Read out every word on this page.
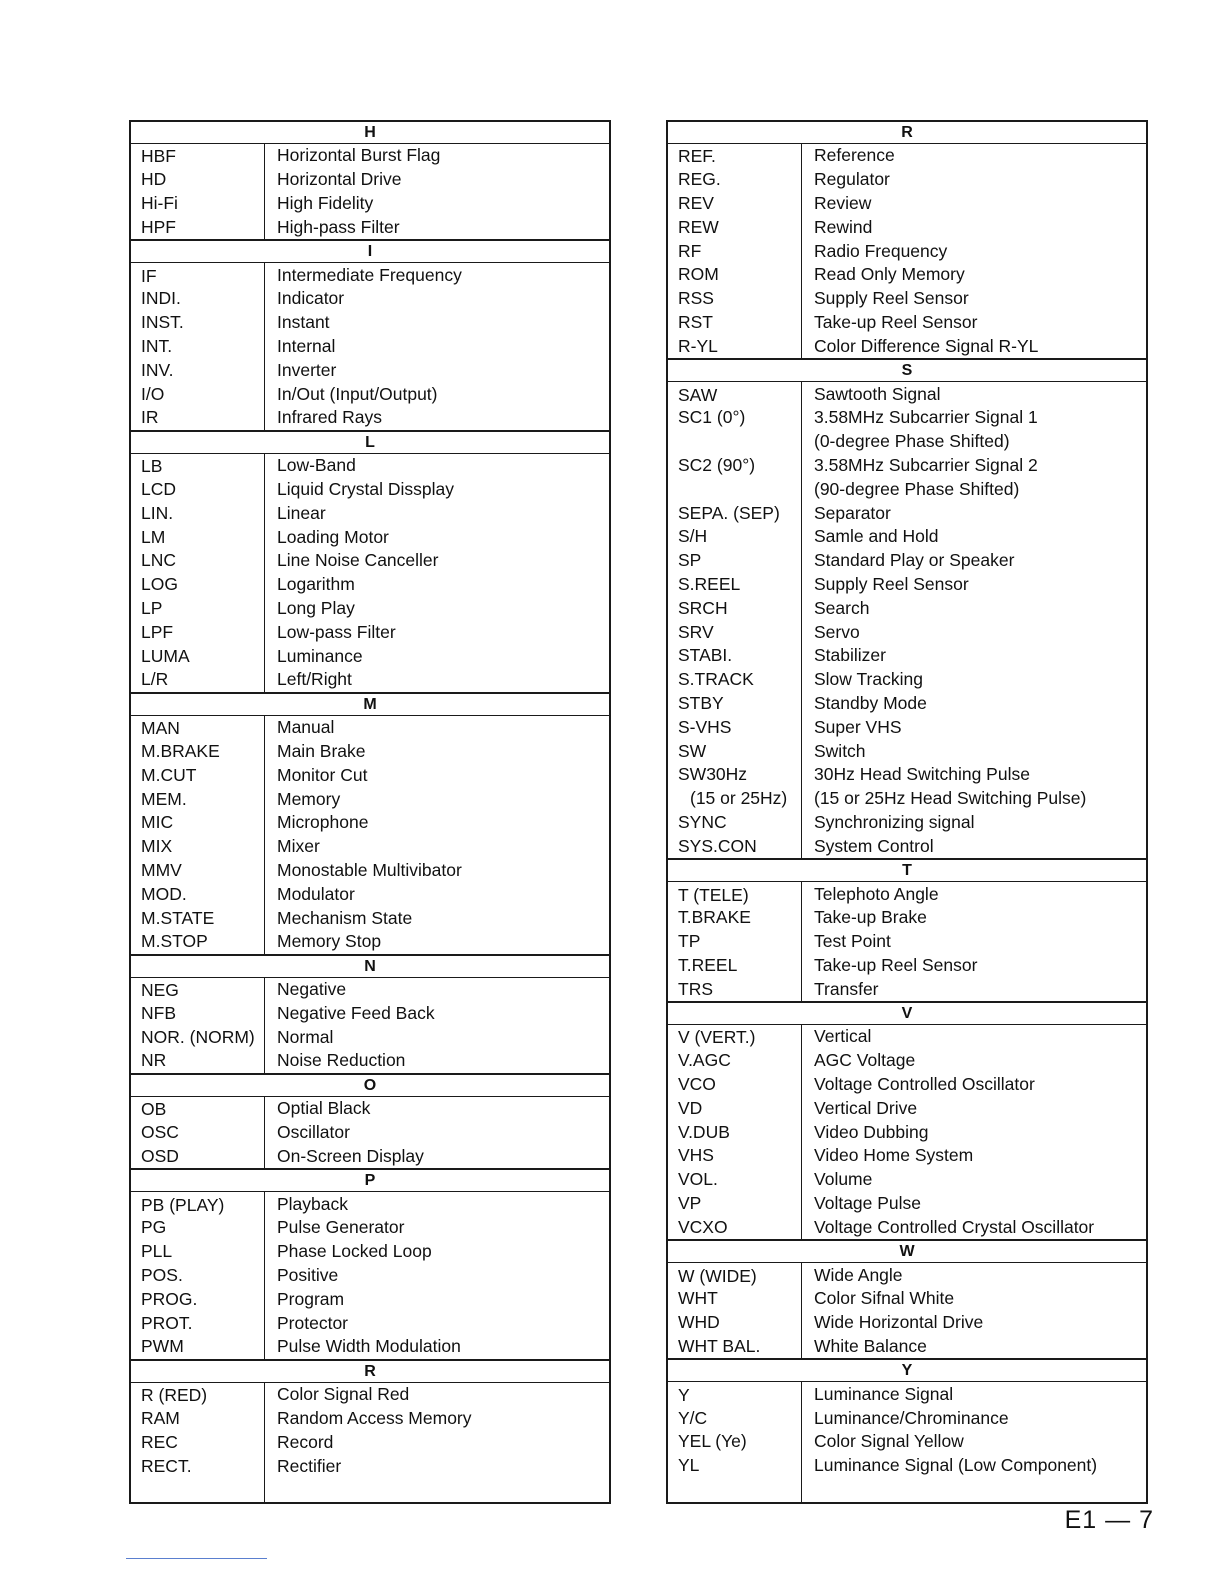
H
HBF	Horizontal Burst Flag
HD	Horizontal Drive
Hi-Fi	High Fidelity
HPF	High-pass Filter
I
IF	Intermediate Frequency
INDI.	Indicator
INST.	Instant
INT.	Internal
INV.	Inverter
I/O	In/Out (Input/Output)
IR	Infrared Rays
L
LB	Low-Band
LCD	Liquid Crystal Dissplay
LIN.	Linear
LM	Loading Motor
LNC	Line Noise Canceller
LOG	Logarithm
LP	Long Play
LPF	Low-pass Filter
LUMA	Luminance
L/R	Left/Right
M
MAN	Manual
M.BRAKE	Main Brake
M.CUT	Monitor Cut
MEM.	Memory
MIC	Microphone
MIX	Mixer
MMV	Monostable Multivibator
MOD.	Modulator
M.STATE	Mechanism State
M.STOP	Memory Stop
N
NEG	Negative
NFB	Negative Feed Back
NOR. (NORM)	Normal
NR	Noise Reduction
O
OB	Optial Black
OSC	Oscillator
OSD	On-Screen Display
P
PB (PLAY)	Playback
PG	Pulse Generator
PLL	Phase Locked Loop
POS.	Positive
PROG.	Program
PROT.	Protector
PWM	Pulse Width Modulation
R
R (RED)	Color Signal Red
RAM	Random Access Memory
REC	Record
RECT.	Rectifier
R
REF.	Reference
REG.	Regulator
REV	Review
REW	Rewind
RF	Radio Frequency
ROM	Read Only Memory
RSS	Supply Reel Sensor
RST	Take-up Reel Sensor
R-YL	Color Difference Signal R-YL
S
SAW	Sawtooth Signal
SC1 (0°)	3.58MHz Subcarrier Signal 1
(0-degree Phase Shifted)
SC2 (90°)	3.58MHz Subcarrier Signal 2
(90-degree Phase Shifted)
SEPA. (SEP)	Separator
S/H	Samle and Hold
SP	Standard Play or Speaker
S.REEL	Supply Reel Sensor
SRCH	Search
SRV	Servo
STABI.	Stabilizer
S.TRACK	Slow Tracking
STBY	Standby Mode
S-VHS	Super VHS
SW	Switch
SW30Hz	30Hz Head Switching Pulse
(15 or 25Hz)	(15 or 25Hz Head Switching Pulse)
SYNC	Synchronizing signal
SYS.CON	System Control
T
T (TELE)	Telephoto Angle
T.BRAKE	Take-up Brake
TP	Test Point
T.REEL	Take-up Reel Sensor
TRS	Transfer
V
V (VERT.)	Vertical
V.AGC	AGC Voltage
VCO	Voltage Controlled Oscillator
VD	Vertical Drive
V.DUB	Video Dubbing
VHS	Video Home System
VOL.	Volume
VP	Voltage Pulse
VCXO	Voltage Controlled Crystal Oscillator
W
W (WIDE)	Wide Angle
WHT	Color Sifnal White
WHD	Wide Horizontal Drive
WHT BAL.	White Balance
Y
Y	Luminance Signal
Y/C	Luminance/Chrominance
YEL (Ye)	Color Signal Yellow
YL	Luminance Signal (Low Component)
E1 — 7
